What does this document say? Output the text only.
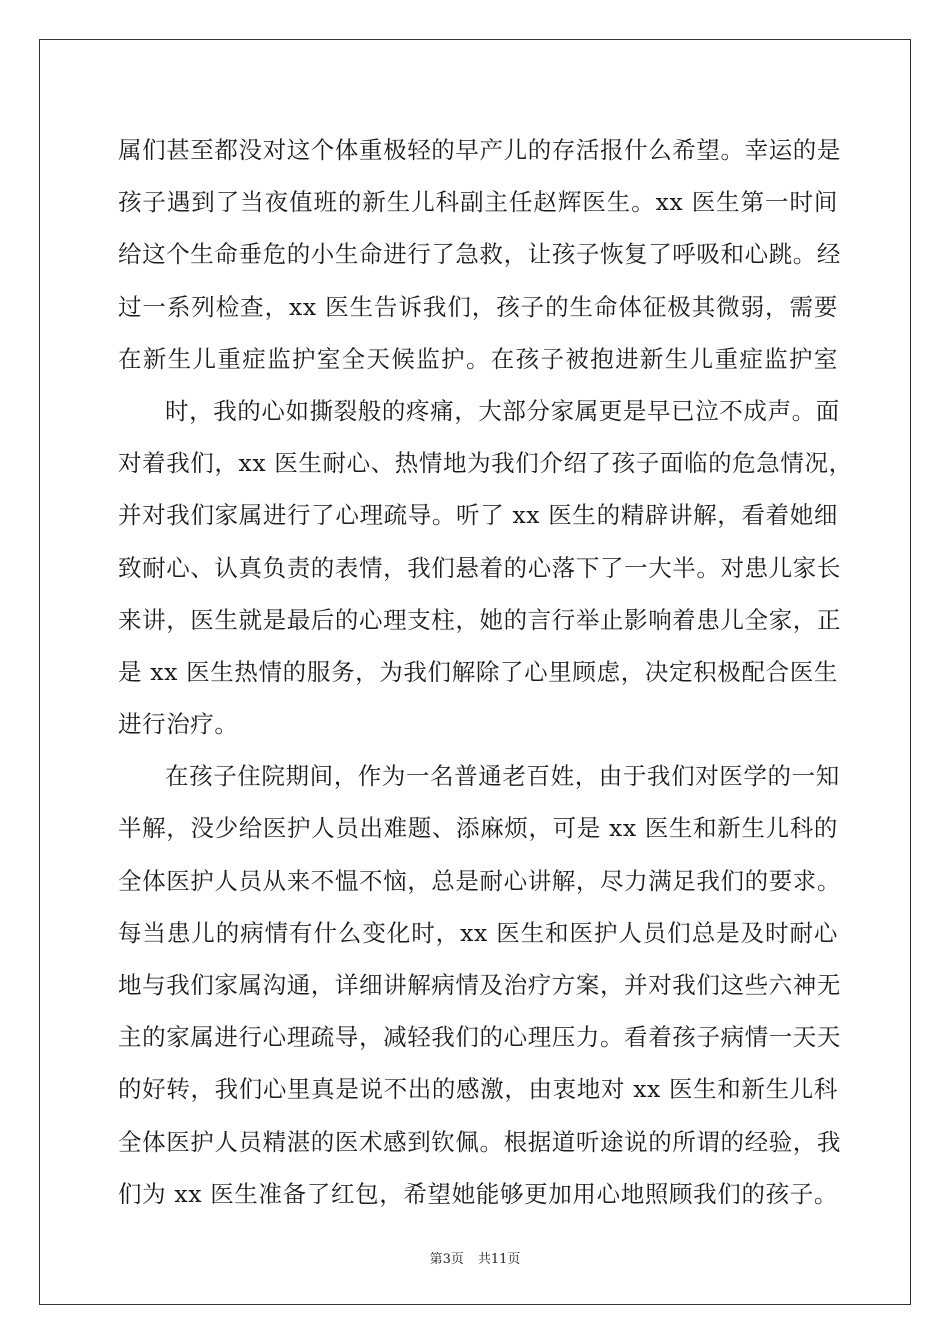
属们甚至都没对这个体重极轻的早产儿的存活报什么希望。幸运的是
孩子遇到了当夜值班的新生儿科副主任赵辉医生。xx 医生第一时间
给这个生命垂危的小生命进行了急救，让孩子恢复了呼吸和心跳。经
过一系列检查，xx 医生告诉我们，孩子的生命体征极其微弱，需要
在新生儿重症监护室全天候监护。在孩子被抱进新生儿重症监护室
时，我的心如撕裂般的疼痛，大部分家属更是早已泣不成声。面
对着我们，xx 医生耐心、热情地为我们介绍了孩子面临的危急情况，
并对我们家属进行了心理疏导。听了 xx 医生的精辟讲解，看着她细
致耐心、认真负责的表情，我们悬着的心落下了一大半。对患儿家长
来讲，医生就是最后的心理支柱，她的言行举止影响着患儿全家，正
是 xx 医生热情的服务，为我们解除了心里顾虑，决定积极配合医生
进行治疗。
在孩子住院期间，作为一名普通老百姓，由于我们对医学的一知
半解，没少给医护人员出难题、添麻烦，可是 xx 医生和新生儿科的
全体医护人员从来不愠不恼，总是耐心讲解，尽力满足我们的要求。
每当患儿的病情有什么变化时，xx 医生和医护人员们总是及时耐心
地与我们家属沟通，详细讲解病情及治疗方案，并对我们这些六神无
主的家属进行心理疏导，减轻我们的心理压力。看着孩子病情一天天
的好转，我们心里真是说不出的感激，由衷地对 xx 医生和新生儿科
全体医护人员精湛的医术感到钦佩。根据道听途说的所谓的经验，我
们为 xx 医生准备了红包，希望她能够更加用心地照顾我们的孩子。
第3页 共11页
